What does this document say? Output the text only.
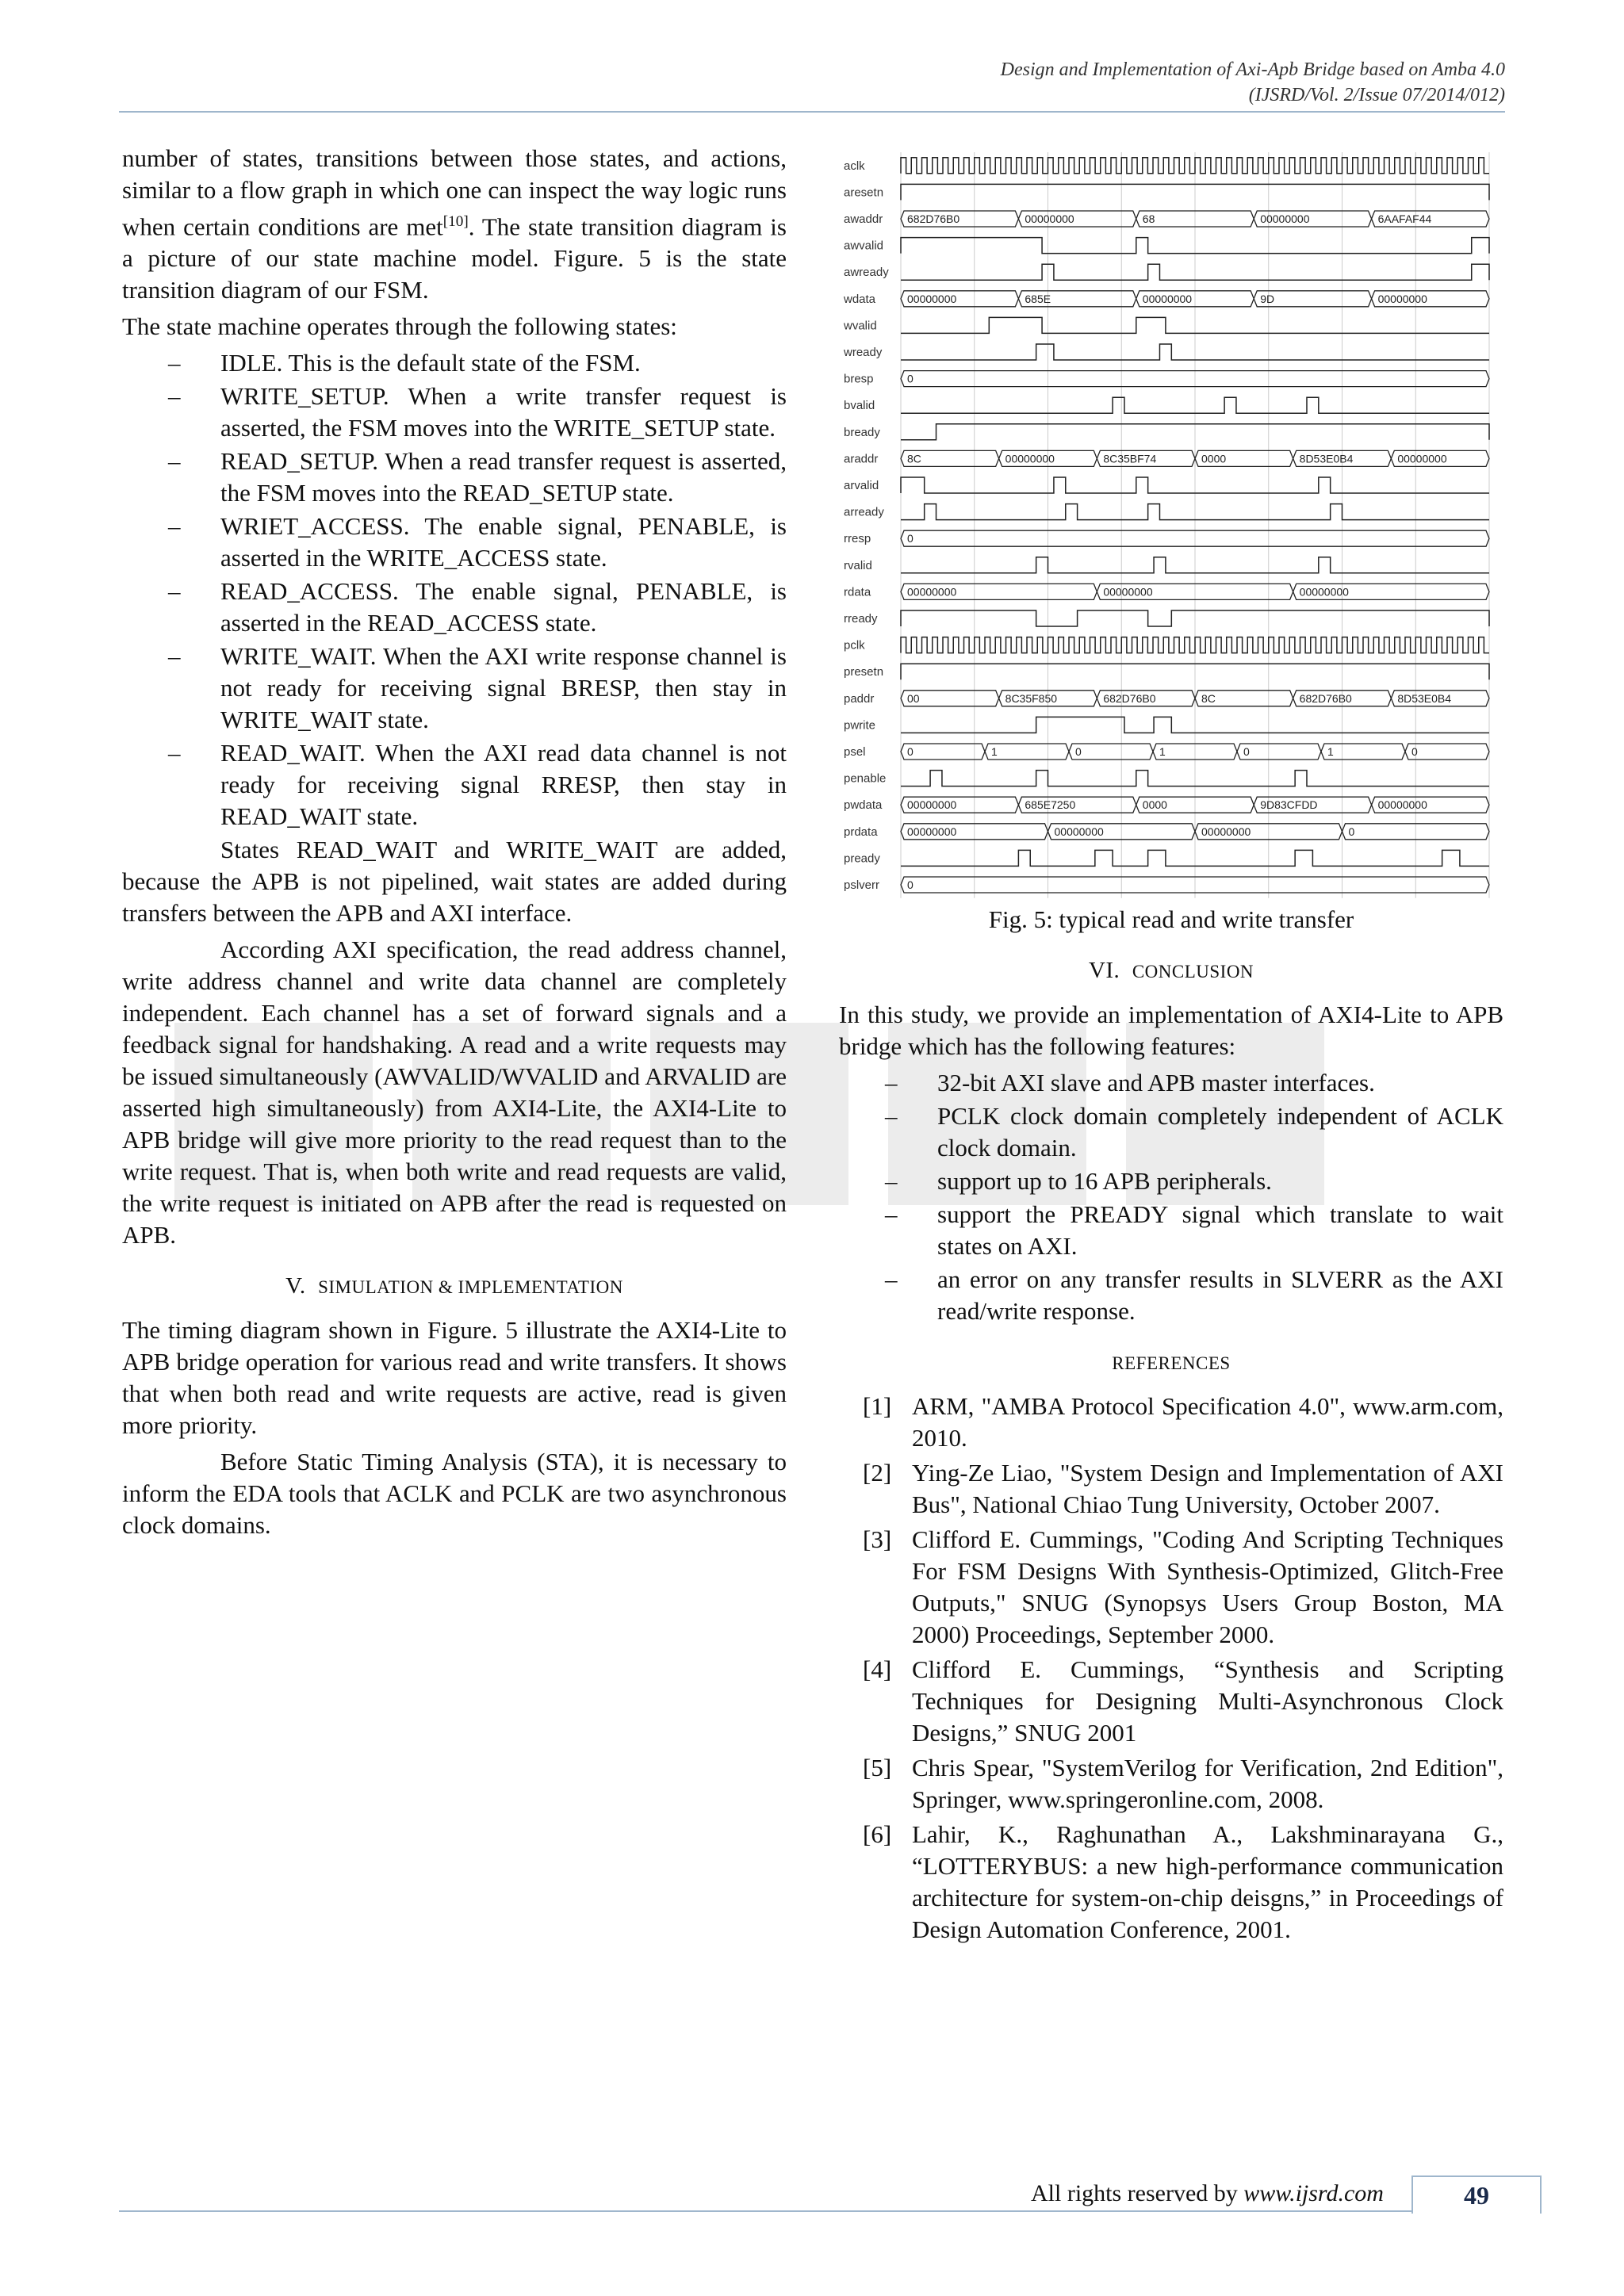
Design and Implementation of Axi-Apb Bridge based on Amba 4.0
(IJSRD/Vol. 2/Issue 07/2014/012)

number of states, transitions between those states, and actions, similar to a flow graph in which one can inspect the way logic runs when certain conditions are met[10]. The state transition diagram is a picture of our state machine model. Figure. 5 is the state transition diagram of our FSM.

The state machine operates through the following states:

– IDLE. This is the default state of the FSM.
– WRITE_SETUP. When a write transfer request is asserted, the FSM moves into the WRITE_SETUP state.
– READ_SETUP. When a read transfer request is asserted, the FSM moves into the READ_SETUP state.
– WRIET_ACCESS. The enable signal, PENABLE, is asserted in the WRITE_ACCESS state.
– READ_ACCESS. The enable signal, PENABLE, is asserted in the READ_ACCESS state.
– WRITE_WAIT. When the AXI write response channel is not ready for receiving signal BRESP, then stay in WRITE_WAIT state.
– READ_WAIT. When the AXI read data channel is not ready for receiving signal RRESP, then stay in READ_WAIT state.

States READ_WAIT and WRITE_WAIT are added, because the APB is not pipelined, wait states are added during transfers between the APB and AXI interface.

According AXI specification, the read address channel, write address channel and write data channel are completely independent. Each channel has a set of forward signals and a feedback signal for handshaking. A read and a write requests may be issued simultaneously (AWVALID/WVALID and ARVALID are asserted high simultaneously) from AXI4-Lite, the AXI4-Lite to APB bridge will give more priority to the read request than to the write request. That is, when both write and read requests are valid, the write request is initiated on APB after the read is requested on APB.

V. SIMULATION & IMPLEMENTATION

The timing diagram shown in Figure. 5 illustrate the AXI4-Lite to APB bridge operation for various read and write transfers. It shows that when both read and write requests are active, read is given more priority.

Before Static Timing Analysis (STA), it is necessary to inform the EDA tools that ACLK and PCLK are two asynchronous clock domains.

aclk
aresetn
awaddr 682D76B0	00000000	68	00000000	6AAFAF44
awvalid
awready
wdata	00000000	685E	00000000	9D	00000000
wvalid
wready
bresp	0
bvalid
bready
araddr	8C	00000000	8C35BF74	0000	8D53E0B4	00000000
arvalid
arready
rresp	0
rvalid
rdata	00000000	00000000	00000000
rready
pclk
presetn
paddr	00	8C35F850	682D76B0	8C	682D76B0	8D53E0B4
pwrite
psel	0	1	0	1	0	1	0
penable
pwdata 00000000	685E7250	0000	9D83CFDD	00000000
prdata	00000000	00000000	00000000	0
pready
pslverr 0

Fig. 5: typical read and write transfer

VI. CONCLUSION

In this study, we provide an implementation of AXI4-Lite to APB bridge which has the following features:

– 32-bit AXI slave and APB master interfaces.
– PCLK clock domain completely independent of ACLK clock domain.
– support up to 16 APB peripherals.
– support the PREADY signal which translate to wait states on AXI.
– an error on any transfer results in SLVERR as the AXI read/write response.
REFERENCES
[1] ARM, "AMBA Protocol Specification 4.0", www.arm.com, 2010.
[2] Ying-Ze Liao, "System Design and Implementation of AXI Bus", National Chiao Tung University, October 2007.
[3] Clifford E. Cummings, "Coding And Scripting Techniques For FSM Designs With Synthesis-Optimized, Glitch-Free Outputs," SNUG (Synopsys Users Group Boston, MA 2000) Proceedings, September 2000.
[4] Clifford E. Cummings, “Synthesis and Scripting Techniques for Designing Multi-Asynchronous Clock Designs,” SNUG 2001
[5] Chris Spear, "SystemVerilog for Verification, 2nd Edition", Springer, www.springeronline.com, 2008.
[6] Lahir, K., Raghunathan A., Lakshminarayana G., “LOTTERYBUS: a new high-performance communication architecture for system-on-chip deisgns,” in Proceedings of Design Automation Conference, 2001.
All rights reserved by www.ijsrd.com	49
